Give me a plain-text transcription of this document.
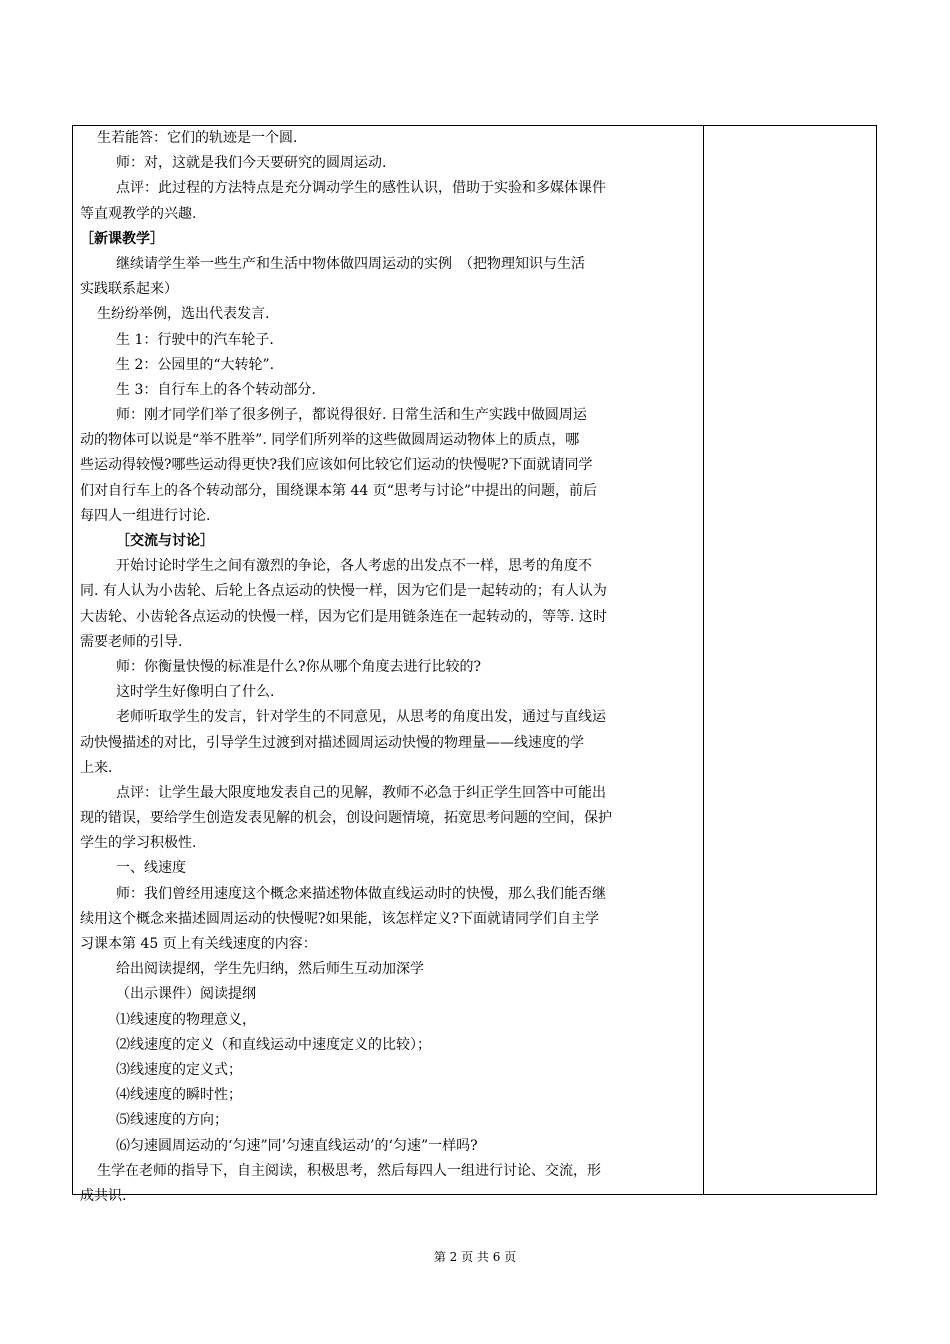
生若能答：它们的轨迹是一个圆.
师：对，这就是我们今天要研究的圆周运动.
点评：此过程的方法特点是充分调动学生的感性认识，借助于实验和多媒体课件
等直观教学的兴趣.
［新课教学］
继续请学生举一些生产和生活中物体做四周运动的实例　（把物理知识与生活
实践联系起来）
生纷纷举例，选出代表发言.
生 1：行驶中的汽车轮子.
生 2：公园里的“大转轮”.
生 3：自行车上的各个转动部分.
师：刚才同学们举了很多例子，都说得很好. 日常生活和生产实践中做圆周运
动的物体可以说是“举不胜举”. 同学们所列举的这些做圆周运动物体上的质点，哪
些运动得较慢?哪些运动得更快?我们应该如何比较它们运动的快慢呢?下面就请同学
们对自行车上的各个转动部分，围绕课本第 44 页“思考与讨论”中提出的问题，前后
每四人一组进行讨论.
［交流与讨论］
开始讨论时学生之间有激烈的争论，各人考虑的出发点不一样，思考的角度不
同. 有人认为小齿轮、后轮上各点运动的快慢一样，因为它们是一起转动的；有人认为
大齿轮、小齿轮各点运动的快慢一样，因为它们是用链条连在一起转动的，等等. 这时
需要老师的引导.
师：你衡量快慢的标准是什么?你从哪个角度去进行比较的?
这时学生好像明白了什么.
老师听取学生的发言，针对学生的不同意见，从思考的角度出发，通过与直线运
动快慢描述的对比，引导学生过渡到对描述圆周运动快慢的物理量——线速度的学
上来.
点评：让学生最大限度地发表自己的见解，教师不必急于纠正学生回答中可能出
现的错误，要给学生创造发表见解的机会，创设问题情境，拓宽思考问题的空间，保护
学生的学习积极性.
一、线速度
师：我们曾经用速度这个概念来描述物体做直线运动时的快慢，那么我们能否继
续用这个概念来描述圆周运动的快慢呢?如果能，该怎样定义?下面就请同学们自主学
习课本第 45 页上有关线速度的内容：
给出阅读提纲，学生先归纳，然后师生互动加深学
（出示课件）阅读提纲
⑴线速度的物理意义，
⑵线速度的定义（和直线运动中速度定义的比较）；
⑶线速度的定义式；
⑷线速度的瞬时性；
⑸线速度的方向；
⑹匀速圆周运动的‘匀速”同’匀速直线运动’的‘匀速”一样吗?
生学在老师的指导下，自主阅读，积极思考，然后每四人一组进行讨论、交流，形
成共识.
第 2 页 共 6 页
